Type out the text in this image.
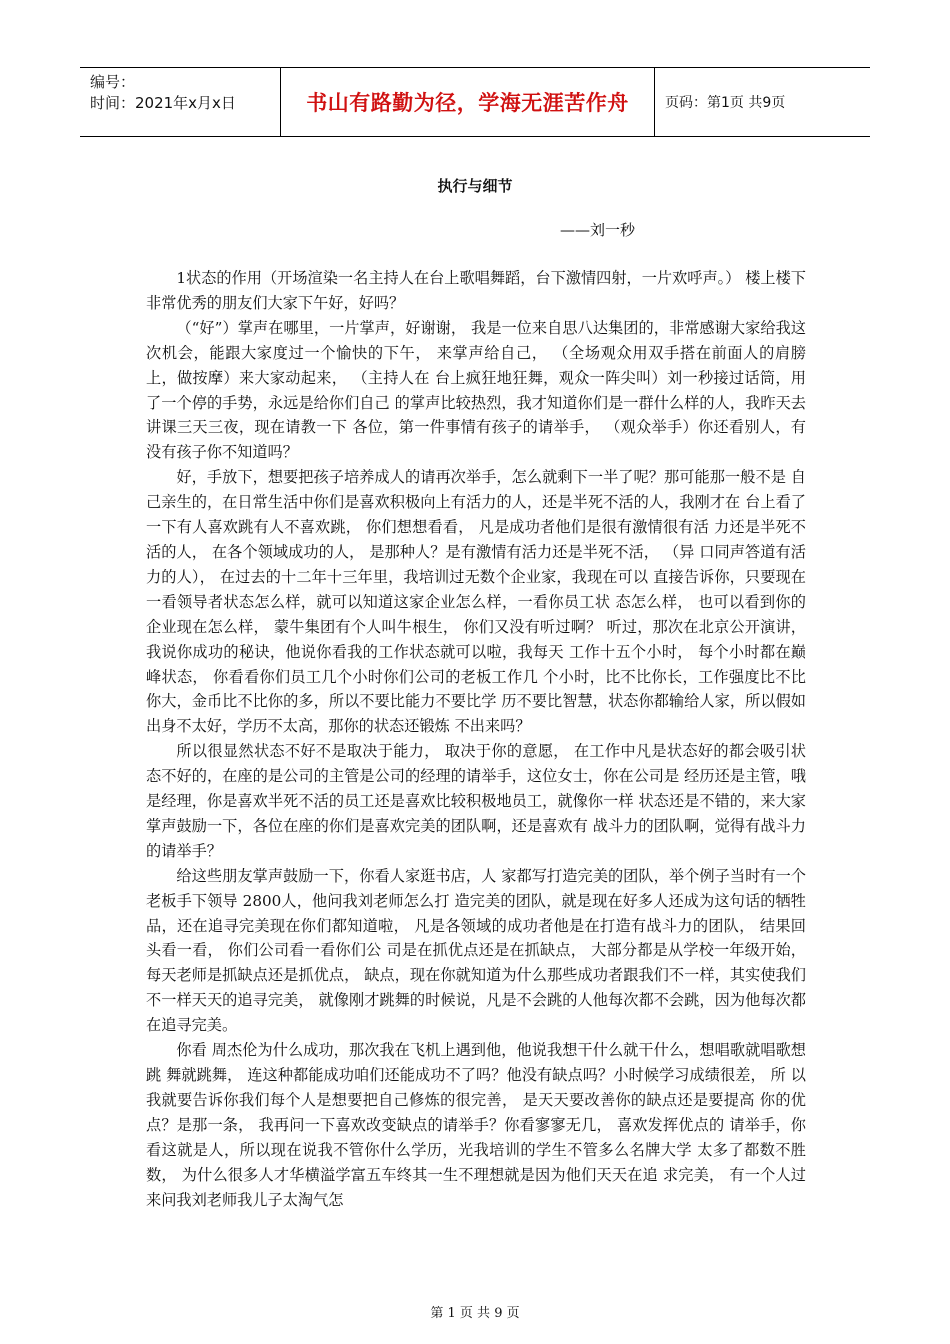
编号：
时间：2021年x月x日	书山有路勤为径，学海无涯苦作舟	页码：第1页 共9页
执行与细节
——刘一秒

1状态的作用（开场渲染一名主持人在台上歌唱舞蹈，台下激情四射，一片欢呼声。） 楼上楼下非常优秀的朋友们大家下午好，好吗？

（“好”）掌声在哪里，一片掌声，好谢谢， 我是一位来自思八达集团的，非常感谢大家给我这次机会，能跟大家度过一个愉快的下午， 来掌声给自己， （全场观众用双手搭在前面人的肩膀上，做按摩）来大家动起来， （主持人在 台上疯狂地狂舞，观众一阵尖叫）刘一秒接过话筒，用了一个停的手势，永远是给你们自己 的掌声比较热烈，我才知道你们是一群什么样的人，我昨天去讲课三天三夜，现在请教一下 各位，第一件事情有孩子的请举手， （观众举手）你还看别人，有没有孩子你不知道吗？

好，手放下，想要把孩子培养成人的请再次举手，怎么就剩下一半了呢？那可能那一般不是 自己亲生的，在日常生活中你们是喜欢积极向上有活力的人，还是半死不活的人，我刚才在 台上看了一下有人喜欢跳有人不喜欢跳， 你们想想看看， 凡是成功者他们是很有激情很有活 力还是半死不活的人， 在各个领域成功的人， 是那种人？是有激情有活力还是半死不活， （异 口同声答道有活力的人）， 在过去的十二年十三年里，我培训过无数个企业家，我现在可以 直接告诉你，只要现在一看领导者状态怎么样，就可以知道这家企业怎么样，一看你员工状 态怎么样， 也可以看到你的企业现在怎么样， 蒙牛集团有个人叫牛根生， 你们又没有听过啊？ 听过，那次在北京公开演讲，我说你成功的秘诀，他说你看我的工作状态就可以啦，我每天 工作十五个小时， 每个小时都在巅峰状态， 你看看你们员工几个小时你们公司的老板工作几 个小时，比不比你长，工作强度比不比你大，金币比不比你的多，所以不要比能力不要比学 历不要比智慧，状态你都输给人家，所以假如出身不太好，学历不太高，那你的状态还锻炼 不出来吗？

所以很显然状态不好不是取决于能力， 取决于你的意愿， 在工作中凡是状态好的都会吸引状态不好的，在座的是公司的主管是公司的经理的请举手，这位女士，你在公司是 经历还是主管，哦是经理，你是喜欢半死不活的员工还是喜欢比较积极地员工，就像你一样 状态还是不错的，来大家掌声鼓励一下，各位在座的你们是喜欢完美的团队啊，还是喜欢有 战斗力的团队啊，觉得有战斗力的请举手？

给这些朋友掌声鼓励一下，你看人家逛书店，人 家都写打造完美的团队，举个例子当时有一个老板手下领导 2800人，他问我刘老师怎么打 造完美的团队，就是现在好多人还成为这句话的牺牲品，还在追寻完美现在你们都知道啦， 凡是各领域的成功者他是在打造有战斗力的团队， 结果回头看一看， 你们公司看一看你们公 司是在抓优点还是在抓缺点， 大部分都是从学校一年级开始， 每天老师是抓缺点还是抓优点， 缺点，现在你就知道为什么那些成功者跟我们不一样，其实使我们不一样天天的追寻完美， 就像刚才跳舞的时候说，凡是不会跳的人他每次都不会跳，因为他每次都在追寻完美。

你看 周杰伦为什么成功，那次我在飞机上遇到他，他说我想干什么就干什么，想唱歌就唱歌想跳 舞就跳舞， 连这种都能成功咱们还能成功不了吗？他没有缺点吗？小时候学习成绩很差， 所 以我就要告诉你我们每个人是想要把自己修炼的很完善， 是天天要改善你的缺点还是要提高 你的优点？是那一条， 我再问一下喜欢改变缺点的请举手？你看寥寥无几， 喜欢发挥优点的 请举手，你看这就是人，所以现在说我不管你什么学历，光我培训的学生不管多么名牌大学 太多了都数不胜数， 为什么很多人才华横溢学富五车终其一生不理想就是因为他们天天在追 求完美， 有一个人过来问我刘老师我儿子太淘气怎

第 1 页 共 9 页
